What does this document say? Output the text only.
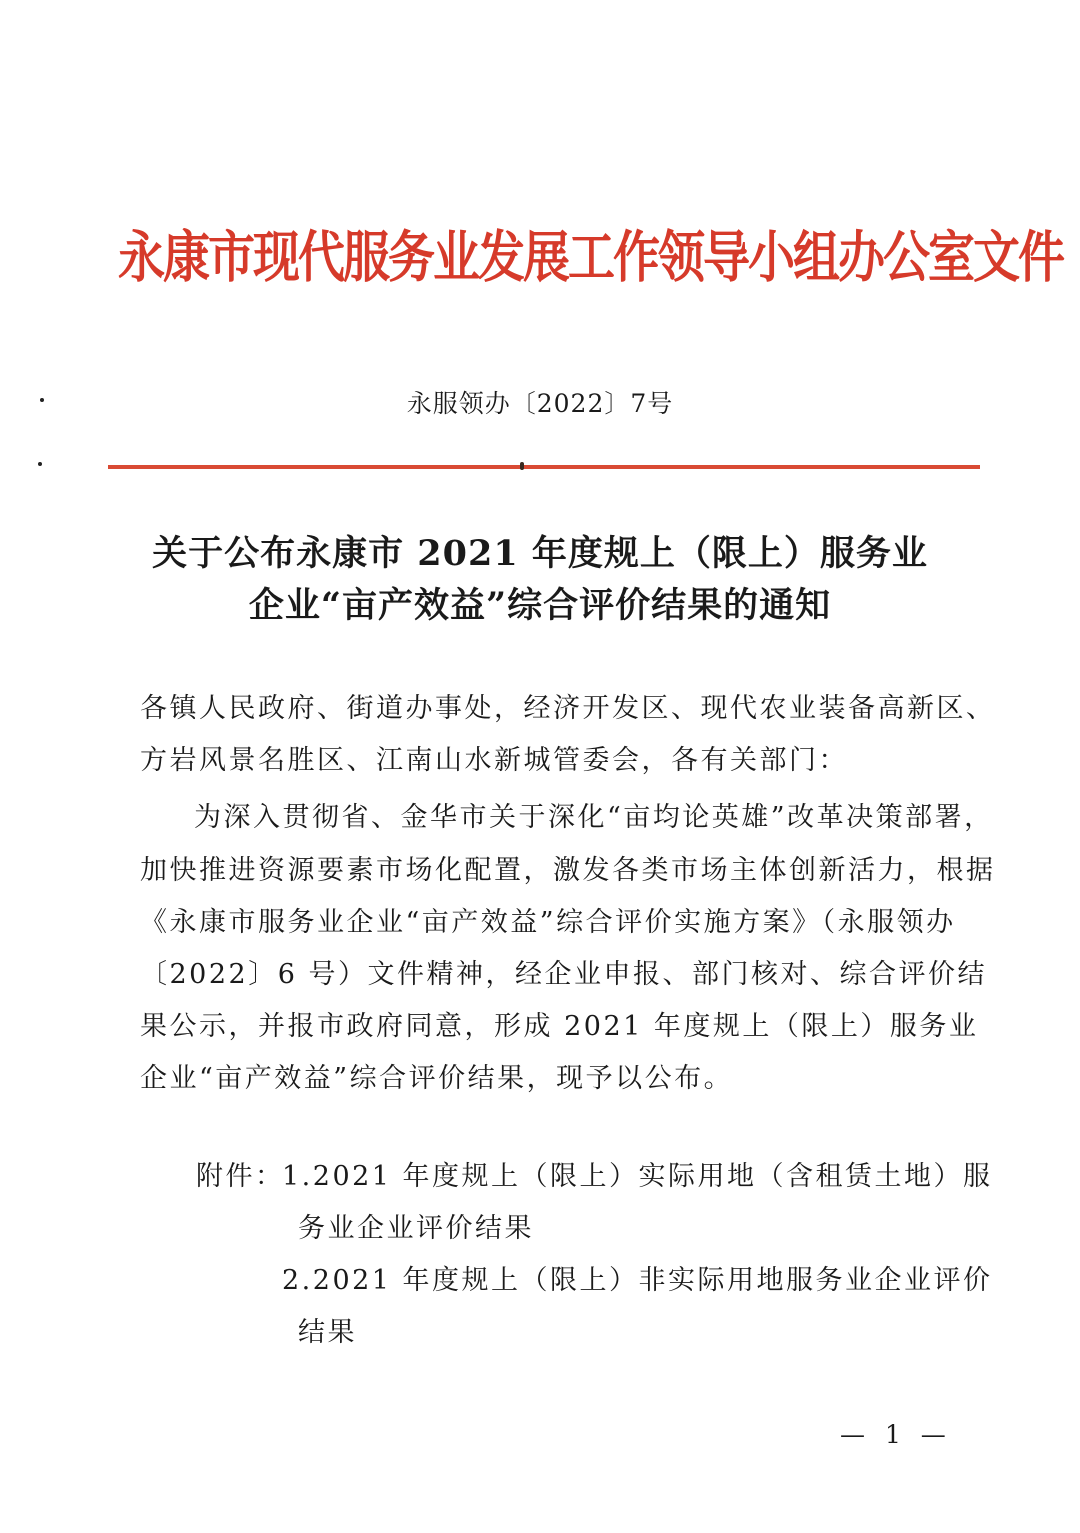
永康市现代服务业发展工作领导小组办公室文件
永服领办〔2022〕7号
关于公布永康市 2021 年度规上（限上）服务业
企业“亩产效益”综合评价结果的通知
各镇人民政府、街道办事处，经济开发区、现代农业装备高新区、
方岩风景名胜区、江南山水新城管委会，各有关部门：
为深入贯彻省、金华市关于深化“亩均论英雄”改革决策部署，
加快推进资源要素市场化配置，激发各类市场主体创新活力，根据
《永康市服务业企业“亩产效益”综合评价实施方案》（永服领办
〔2022〕6 号）文件精神，经企业申报、部门核对、综合评价结
果公示，并报市政府同意，形成 2021 年度规上（限上）服务业
企业“亩产效益”综合评价结果，现予以公布。
附件：
1.2021 年度规上（限上）实际用地（含租赁土地）服
务业企业评价结果
2.2021 年度规上（限上）非实际用地服务业企业评价
结果
— 1 —
